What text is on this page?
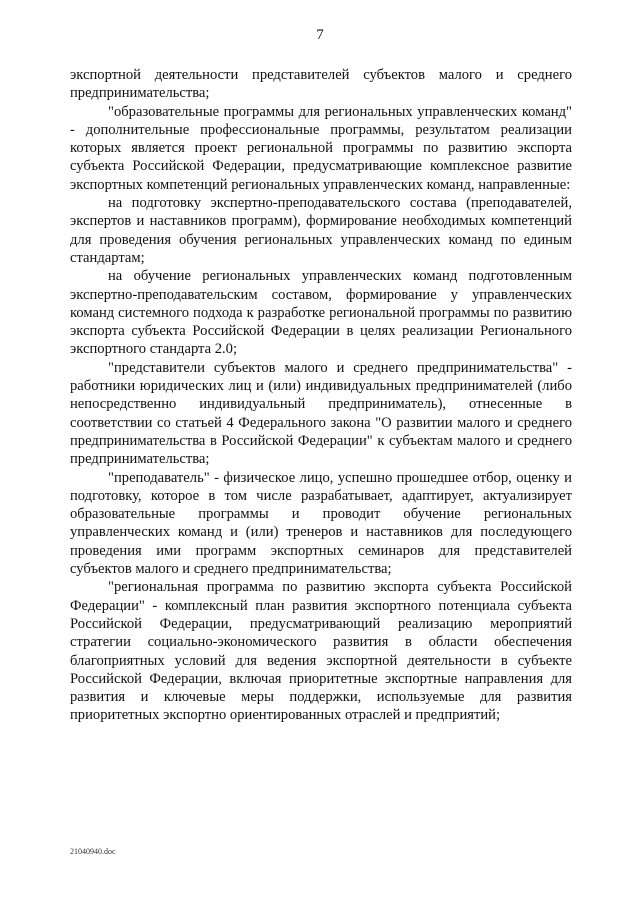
7

экспортной деятельности представителей субъектов малого и среднего предпринимательства;

"образовательные программы для региональных управленческих команд" - дополнительные профессиональные программы, результатом реализации которых является проект региональной программы по развитию экспорта субъекта Российской Федерации, предусматривающие комплексное развитие экспортных компетенций региональных управленческих команд, направленные:

на подготовку экспертно-преподавательского состава (преподавателей, экспертов и наставников программ), формирование необходимых компетенций для проведения обучения региональных управленческих команд по единым стандартам;

на обучение региональных управленческих команд подготовленным экспертно-преподавательским составом, формирование у управленческих команд системного подхода к разработке региональной программы по развитию экспорта субъекта Российской Федерации в целях реализации Регионального экспортного стандарта 2.0;

"представители субъектов малого и среднего предпринимательства" - работники юридических лиц и (или) индивидуальных предпринимателей (либо непосредственно индивидуальный предприниматель), отнесенные в соответствии со статьей 4 Федерального закона "О развитии малого и среднего предпринимательства в Российской Федерации" к субъектам малого и среднего предпринимательства;

"преподаватель" - физическое лицо, успешно прошедшее отбор, оценку и подготовку, которое в том числе разрабатывает, адаптирует, актуализирует образовательные программы и проводит обучение региональных управленческих команд и (или) тренеров и наставников для последующего проведения ими программ экспортных семинаров для представителей субъектов малого и среднего предпринимательства;

"региональная программа по развитию экспорта субъекта Российской Федерации" - комплексный план развития экспортного потенциала субъекта Российской Федерации, предусматривающий реализацию мероприятий стратегии социально-экономического развития в области обеспечения благоприятных условий для ведения экспортной деятельности в субъекте Российской Федерации, включая приоритетные экспортные направления для развития и ключевые меры поддержки, используемые для развития приоритетных экспортно ориентированных отраслей и предприятий;

21040940.doc
